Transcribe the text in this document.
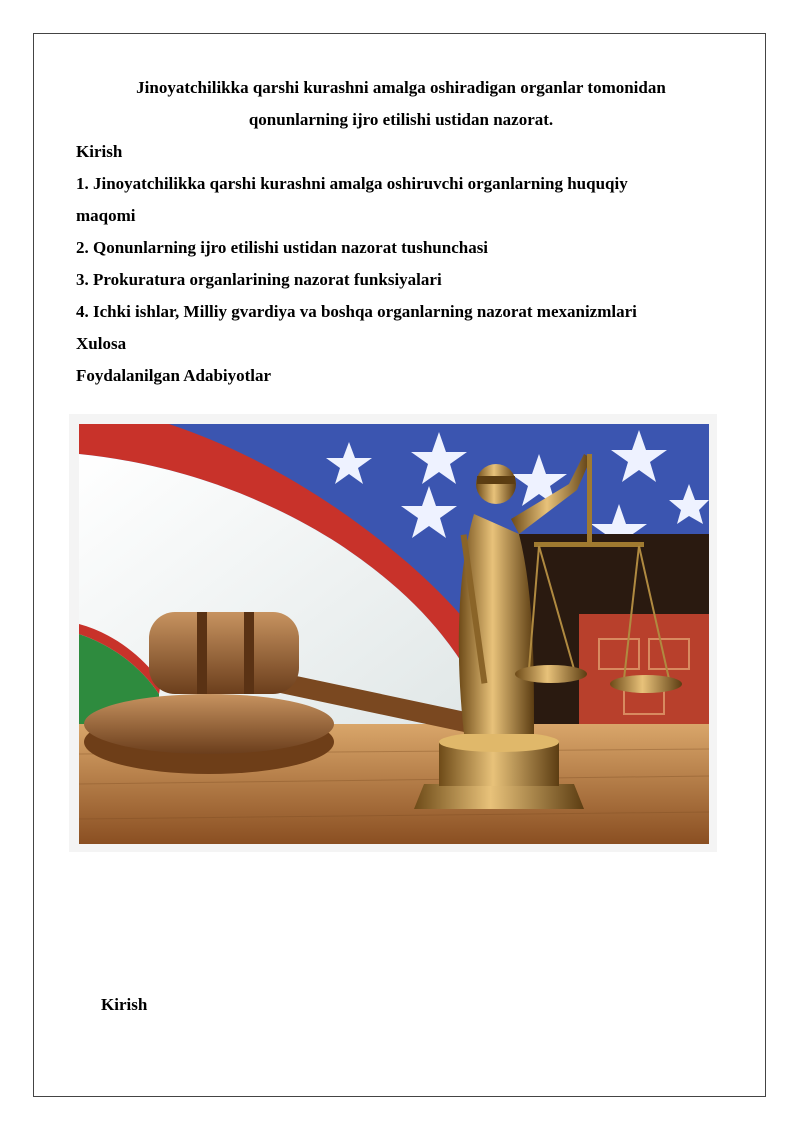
Jinoyatchilikka qarshi kurashni amalga oshiradigan organlar tomonidan
qonunlarning ijro etilishi ustidan nazorat.
Kirish
1. Jinoyatchilikka qarshi kurashni amalga oshiruvchi organlarning huquqiy
maqomi
2. Qonunlarning ijro etilishi ustidan nazorat tushunchasi
3. Prokuratura organlarining nazorat funksiyalari
4. Ichki ishlar, Milliy gvardiya va boshqa organlarning nazorat mexanizmlari
Xulosa
Foydalanilgan Adabiyotlar
Kirish
